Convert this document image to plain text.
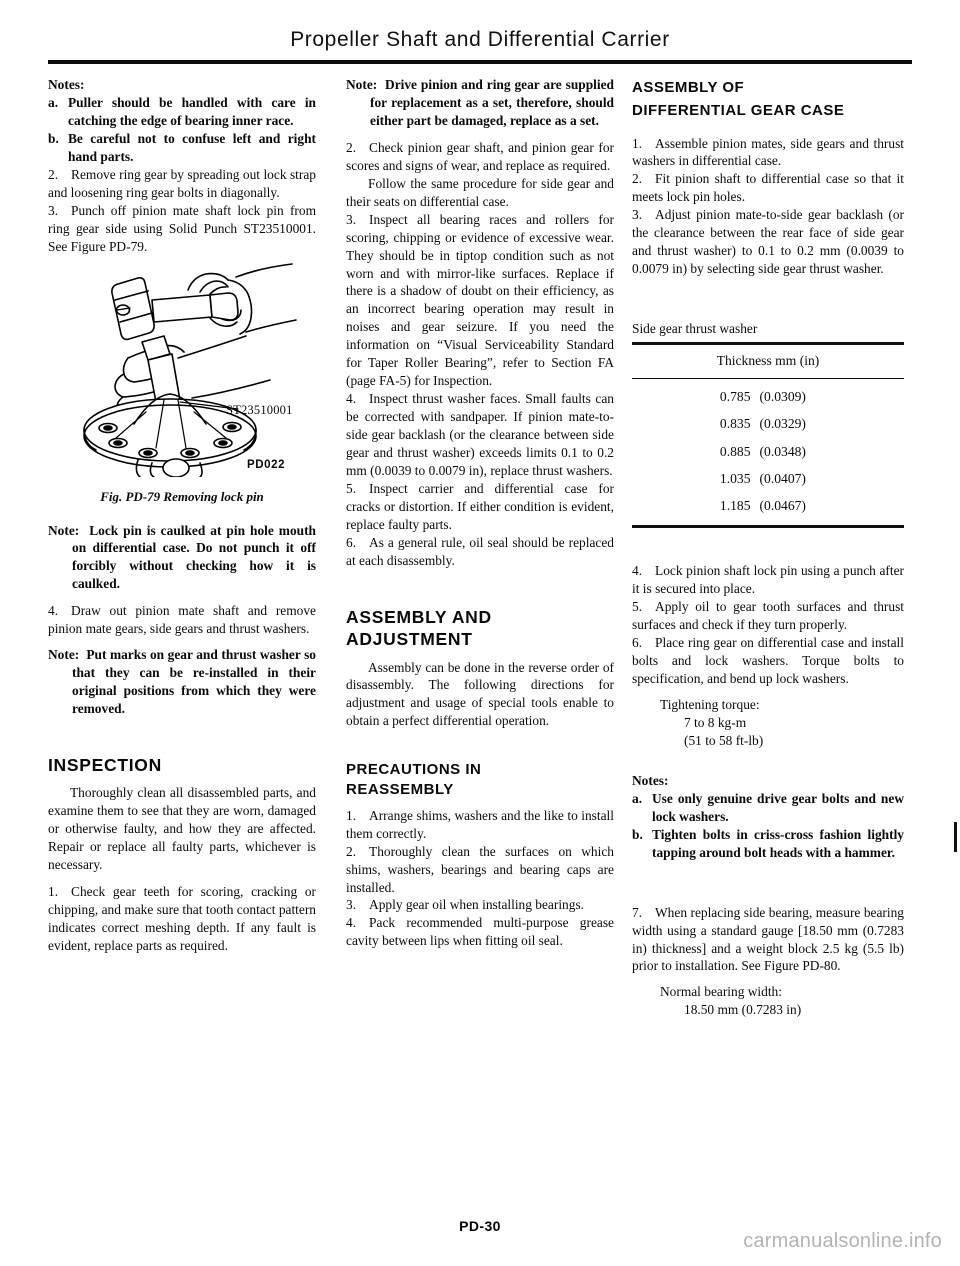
Propeller Shaft and Differential Carrier
Notes:
a. Puller should be handled with care in catching the edge of bearing inner race.
b. Be careful not to confuse left and right hand parts.
2. Remove ring gear by spreading out lock strap and loosening ring gear bolts in diagonally.
3. Punch off pinion mate shaft lock pin from ring gear side using Solid Punch ST23510001. See Figure PD-79.
ST23510001
PD022
Fig. PD-79 Removing lock pin
Note: Lock pin is caulked at pin hole mouth on differential case. Do not punch it off forcibly without checking how it is caulked.
4. Draw out pinion mate shaft and remove pinion mate gears, side gears and thrust washers.
Note: Put marks on gear and thrust washer so that they can be re-installed in their original positions from which they were removed.
INSPECTION
Thoroughly clean all disassembled parts, and examine them to see that they are worn, damaged or otherwise faulty, and how they are affected. Repair or replace all faulty parts, whichever is necessary.
1. Check gear teeth for scoring, cracking or chipping, and make sure that tooth contact pattern indicates correct meshing depth. If any fault is evident, replace parts as required.
Note: Drive pinion and ring gear are supplied for replacement as a set, therefore, should either part be damaged, replace as a set.
2. Check pinion gear shaft, and pinion gear for scores and signs of wear, and replace as required.
Follow the same procedure for side gear and their seats on differential case.
3. Inspect all bearing races and rollers for scoring, chipping or evidence of excessive wear. They should be in tiptop condition such as not worn and with mirror-like surfaces. Replace if there is a shadow of doubt on their efficiency, as an incorrect bearing operation may result in noises and gear seizure. If you need the information on “Visual Serviceability Standard for Taper Roller Bearing”, refer to Section FA (page FA-5) for Inspection.
4. Inspect thrust washer faces. Small faults can be corrected with sandpaper. If pinion mate-to-side gear backlash (or the clearance between side gear and thrust washer) exceeds limits 0.1 to 0.2 mm (0.0039 to 0.0079 in), replace thrust washers.
5. Inspect carrier and differential case for cracks or distortion. If either condition is evident, replace faulty parts.
6. As a general rule, oil seal should be replaced at each disassembly.
ASSEMBLY AND
ADJUSTMENT
Assembly can be done in the reverse order of disassembly. The following directions for adjustment and usage of special tools enable to obtain a perfect differential operation.
PRECAUTIONS IN
REASSEMBLY
1. Arrange shims, washers and the like to install them correctly.
2. Thoroughly clean the surfaces on which shims, washers, bearings and bearing caps are installed.
3. Apply gear oil when installing bearings.
4. Pack recommended multi-purpose grease cavity between lips when fitting oil seal.
ASSEMBLY OF
DIFFERENTIAL GEAR CASE
1. Assemble pinion mates, side gears and thrust washers in differential case.
2. Fit pinion shaft to differential case so that it meets lock pin holes.
3. Adjust pinion mate-to-side gear backlash (or the clearance between the rear face of side gear and thrust washer) to 0.1 to 0.2 mm (0.0039 to 0.0079 in) by selecting side gear thrust washer.
Side gear thrust washer
Thickness mm (in)
0.785 (0.0309)
0.835 (0.0329)
0.885 (0.0348)
1.035 (0.0407)
1.185 (0.0467)

4. Lock pinion shaft lock pin using a punch after it is secured into place.
5. Apply oil to gear tooth surfaces and thrust surfaces and check if they turn properly.
6. Place ring gear on differential case and install bolts and lock washers. Torque bolts to specification, and bend up lock washers.
Tightening torque:
7 to 8 kg-m
(51 to 58 ft-lb)
Notes:
a. Use only genuine drive gear bolts and new lock washers.
b. Tighten bolts in criss-cross fashion lightly tapping around bolt heads with a hammer.
7. When replacing side bearing, measure bearing width using a standard gauge [18.50 mm (0.7283 in) thickness] and a weight block 2.5 kg (5.5 lb) prior to installation. See Figure PD-80.
Normal bearing width:
18.50 mm (0.7283 in)
PD-30
carmanualsonline.info
